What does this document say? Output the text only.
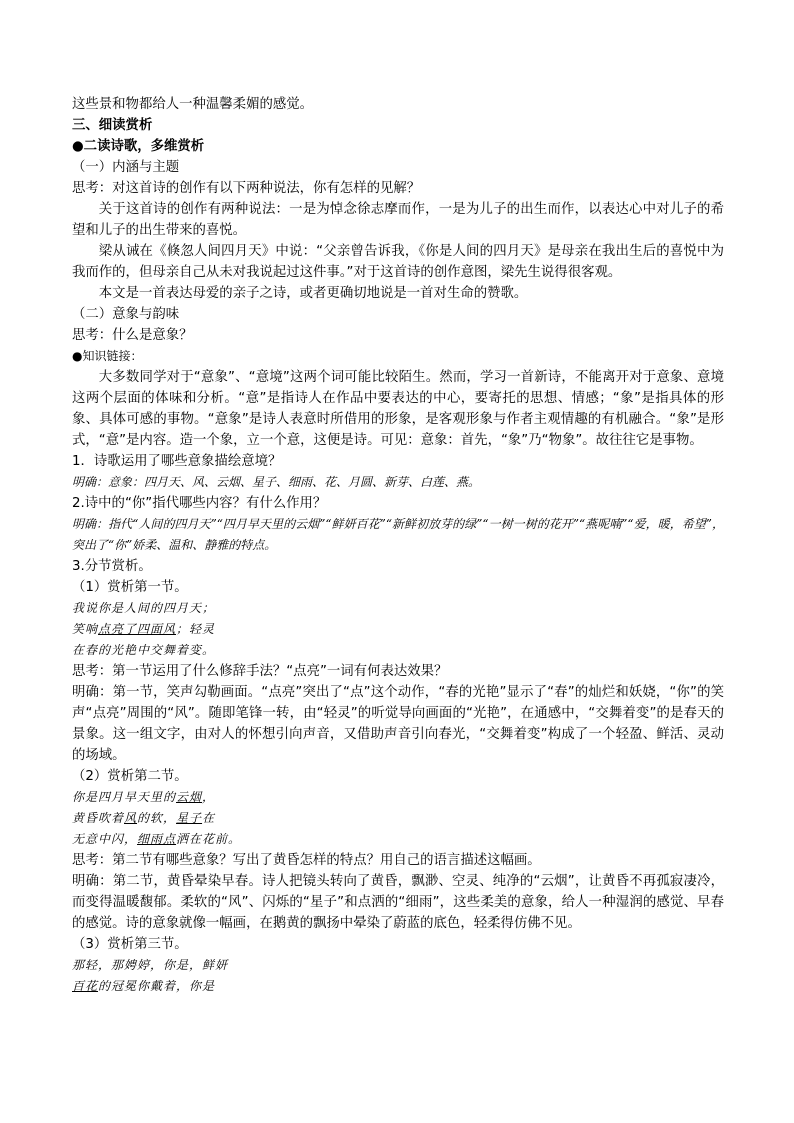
这些景和物都给人一种温馨柔媚的感觉。

三、细读赏析

●二读诗歌，多维赏析

（一）内涵与主题

思考：对这首诗的创作有以下两种说法，你有怎样的见解？

关于这首诗的创作有两种说法：一是为悼念徐志摩而作，一是为儿子的出生而作，以表达心中对儿子的希望和儿子的出生带来的喜悦。

梁从诫在《倏忽人间四月天》中说：“父亲曾告诉我，《你是人间的四月天》是母亲在我出生后的喜悦中为我而作的，但母亲自己从未对我说起过这件事。”对于这首诗的创作意图，梁先生说得很客观。

本文是一首表达母爱的亲子之诗，或者更确切地说是一首对生命的赞歌。

（二）意象与韵味

思考：什么是意象？

●知识链接：

大多数同学对于“意象”、“意境”这两个词可能比较陌生。然而，学习一首新诗，不能离开对于意象、意境这两个层面的体味和分析。“意”是指诗人在作品中要表达的中心，要寄托的思想、情感；“象”是指具体的形象、具体可感的事物。“意象”是诗人表意时所借用的形象，是客观形象与作者主观情趣的有机融合。“象”是形式，“意”是内容。造一个象，立一个意，这便是诗。可见：意象：首先，“象”乃“物象”。故往往它是事物。

1．诗歌运用了哪些意象描绘意境？

明确：意象：四月天、风、云烟、星子、细雨、花、月圆、新芽、白莲、燕。

2.诗中的“你”指代哪些内容？有什么作用？

明确：指代“人间的四月天”“四月早天里的云烟”“鲜妍百花”“新鲜初放芽的绿”“一树一树的花开”“燕呢喃”“爱，暖，希望”，突出了“你”娇柔、温和、静雅的特点。

3.分节赏析。

（1）赏析第一节。

我说你是人间的四月天；

笑响点亮了四面风；轻灵

在春的光艳中交舞着变。

思考：第一节运用了什么修辞手法？“点亮”一词有何表达效果？

明确：第一节，笑声勾勒画面。“点亮”突出了“点”这个动作，“春的光艳”显示了“春”的灿烂和妖娆，“你”的笑声“点亮”周围的“风”。随即笔锋一转，由“轻灵”的听觉导向画面的“光艳”，在通感中，“交舞着变”的是春天的景象。这一组文字，由对人的怀想引向声音，又借助声音引向春光，“交舞着变”构成了一个轻盈、鲜活、灵动的场域。

（2）赏析第二节。

你是四月早天里的云烟，

黄昏吹着风的软，星子在

无意中闪，细雨点洒在花前。

思考：第二节有哪些意象？写出了黄昏怎样的特点？用自己的语言描述这幅画。

明确：第二节，黄昏晕染早春。诗人把镜头转向了黄昏，飘渺、空灵、纯净的“云烟”，让黄昏不再孤寂凄冷，而变得温暖馥郁。柔软的“风”、闪烁的“星子”和点洒的“细雨”，这些柔美的意象，给人一种湿润的感觉、早春的感觉。诗的意象就像一幅画，在鹅黄的飘扬中晕染了蔚蓝的底色，轻柔得仿佛不见。

（3）赏析第三节。

那轻，那娉婷，你是，鲜妍

百花的冠冕你戴着，你是
